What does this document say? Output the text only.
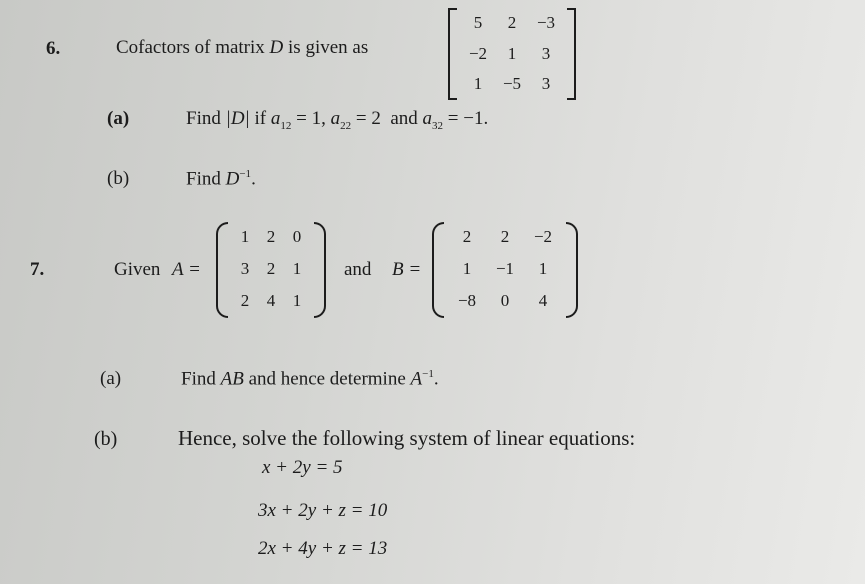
6.	Cofactors of matrix D is given as
5	2	−3
−2	1	3
1	−5	3
(a)	Find |D| if $a_{12} = 1$, $a_{22} = 2$ and $a_{32} = -1$.
(b)	Find $D^{-1}$.
7.	Given A =
1	2	0
3	2	1
2	4	1
and B =
2	2	−2
1	−1	1
−8	0	4
(a)	Find AB and hence determine $A^{-1}$.
(b)	Hence, solve the following system of linear equations:
x + 2y = 5
3x + 2y + z = 10
2x + 4y + z = 13
